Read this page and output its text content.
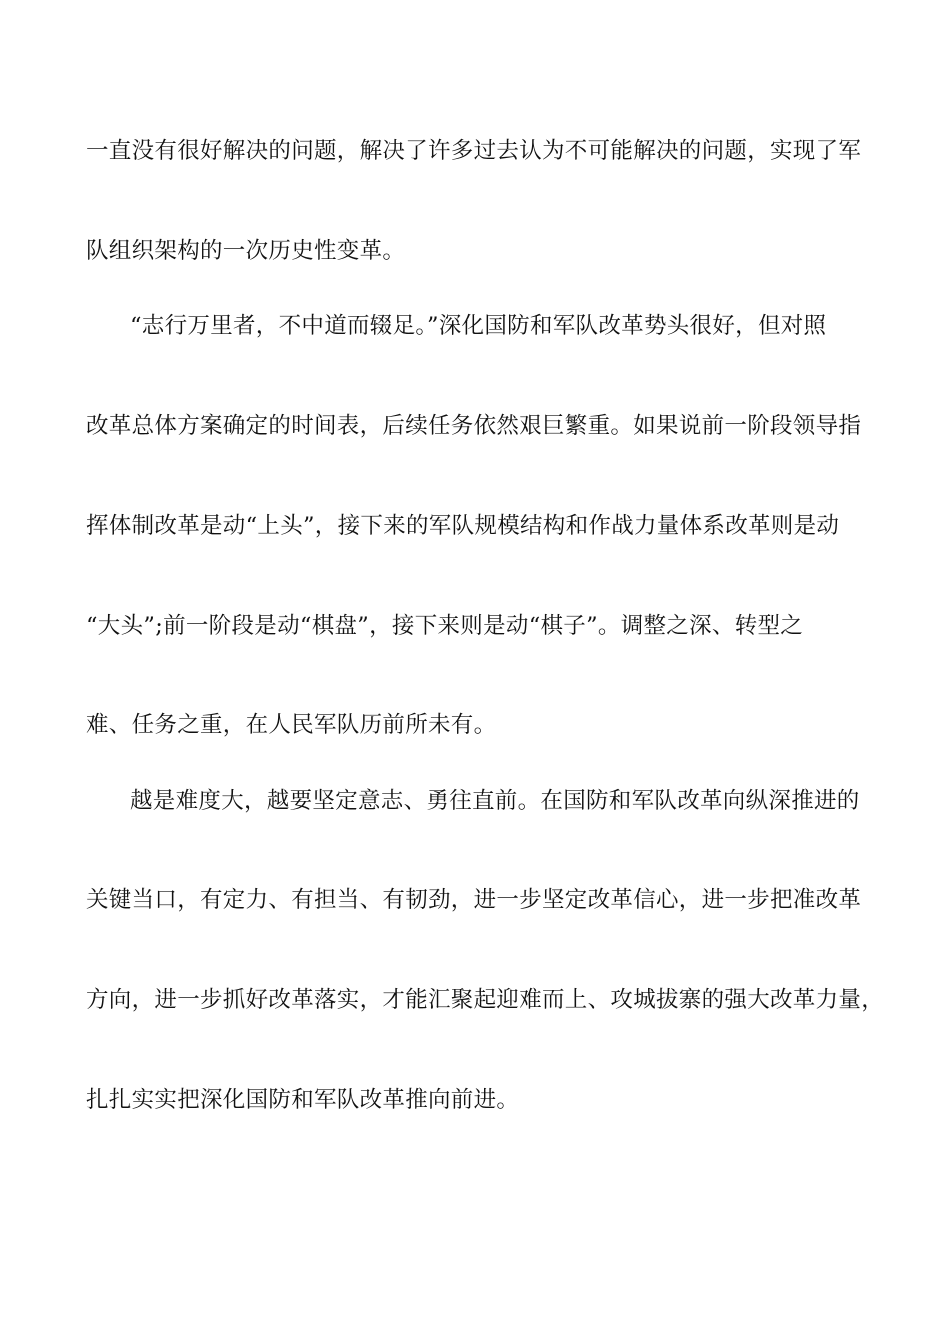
一直没有很好解决的问题，解决了许多过去认为不可能解决的问题，实现了军
队组织架构的一次历史性变革。
“志行万里者，不中道而辍足。”深化国防和军队改革势头很好，但对照
改革总体方案确定的时间表，后续任务依然艰巨繁重。如果说前一阶段领导指
挥体制改革是动“上头”，接下来的军队规模结构和作战力量体系改革则是动
“大头”;前一阶段是动“棋盘”，接下来则是动“棋子”。调整之深、转型之
难、任务之重，在人民军队历前所未有。
越是难度大，越要坚定意志、勇往直前。在国防和军队改革向纵深推进的
关键当口，有定力、有担当、有韧劲，进一步坚定改革信心，进一步把准改革
方向，进一步抓好改革落实，才能汇聚起迎难而上、攻城拔寨的强大改革力量，
扎扎实实把深化国防和军队改革推向前进。
